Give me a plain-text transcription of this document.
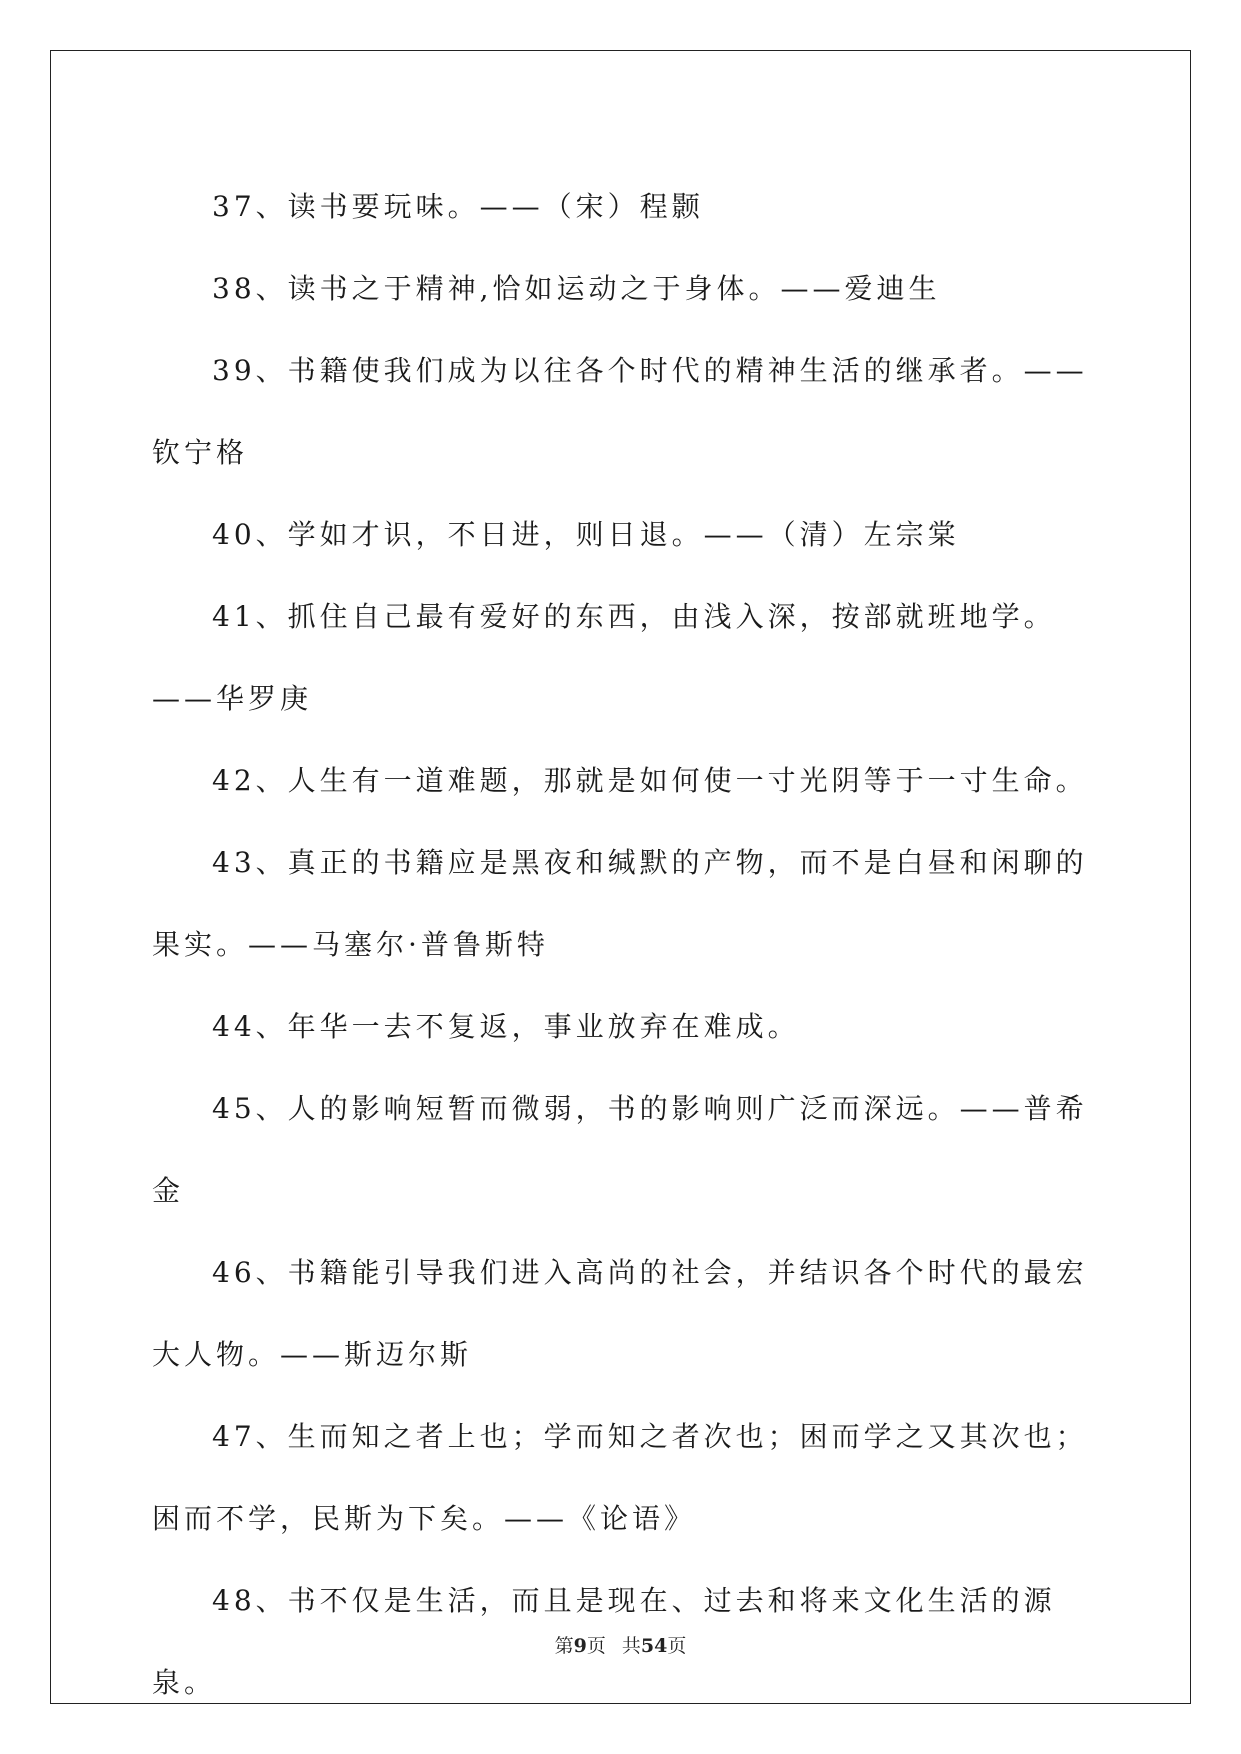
37、读书要玩味。——（宋）程颢

38、读书之于精神,恰如运动之于身体。——爱迪生

39、书籍使我们成为以往各个时代的精神生活的继承者。——钦宁格

40、学如才识，不日进，则日退。——（清）左宗棠

41、抓住自己最有爱好的东西，由浅入深，按部就班地学。——华罗庚

42、人生有一道难题，那就是如何使一寸光阴等于一寸生命。

43、真正的书籍应是黑夜和缄默的产物，而不是白昼和闲聊的果实。——马塞尔·普鲁斯特

44、年华一去不复返，事业放弃在难成。

45、人的影响短暂而微弱，书的影响则广泛而深远。——普希金

46、书籍能引导我们进入高尚的社会，并结识各个时代的最宏大人物。——斯迈尔斯

47、生而知之者上也；学而知之者次也；困而学之又其次也；困而不学，民斯为下矣。——《论语》

48、书不仅是生活，而且是现在、过去和将来文化生活的源泉。

第9页 共54页
